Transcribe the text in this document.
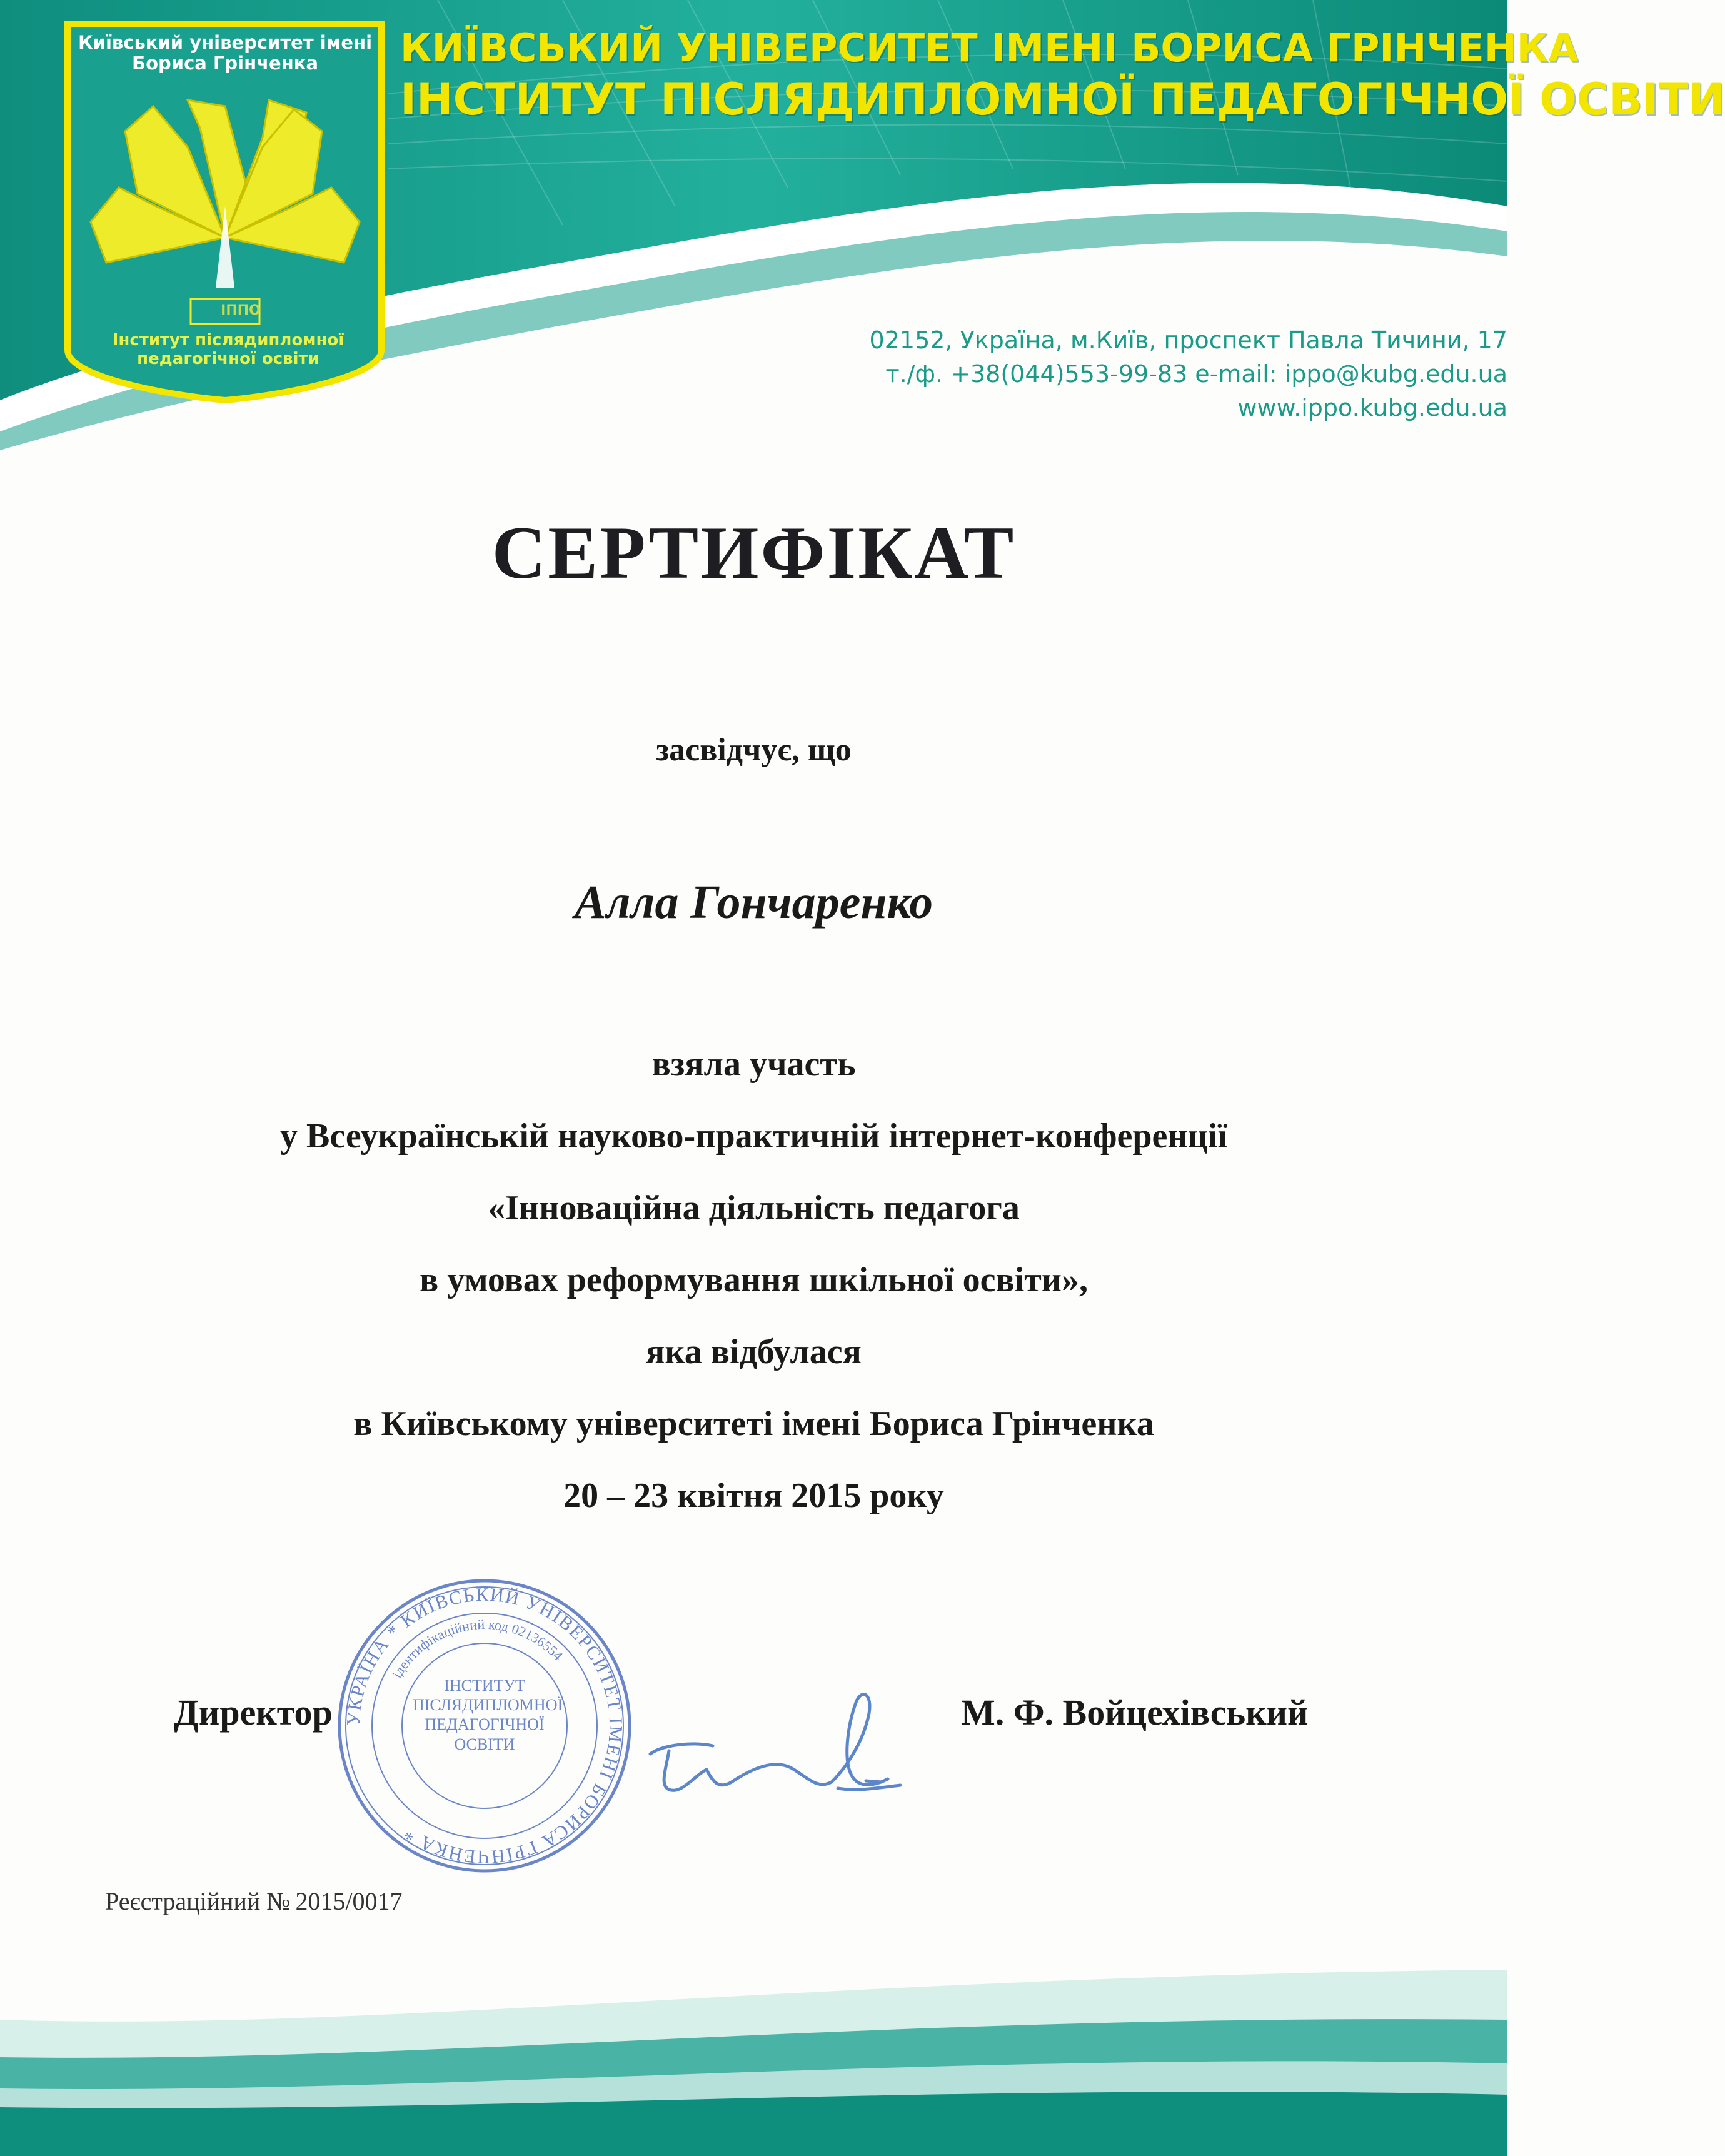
Київський університет імені Бориса Грінченка
ІППО
Інститут післядипломної педагогічної освіти
КИЇВСЬКИЙ УНІВЕРСИТЕТ ІМЕНІ БОРИСА ГРІНЧЕНКА
ІНСТИТУТ ПІСЛЯДИПЛОМНОЇ ПЕДАГОГІЧНОЇ ОСВІТИ
02152, Україна, м.Київ, проспект Павла Тичини, 17
т./ф. +38(044)553-99-83 e-mail: ippo@kubg.edu.ua
www.ippo.kubg.edu.ua
СЕРТИФІКАТ
засвідчує, що
Алла Гончаренко
взяла участь
у Всеукраїнській науково-практичній інтернет-конференції
«Інноваційна діяльність педагога
в умовах реформування шкільної освіти»,
яка відбулася
в Київському університеті імені Бориса Грінченка
20 – 23 квітня 2015 року
УКРАЇНА * КИЇВСЬКИЙ УНІВЕРСИТЕТ ІМЕНІ БОРИСА ГРІНЧЕНКА *
ідентифікаційний код 02136554
ІНСТИТУТ ПІСЛЯДИПЛОМНОЇ ПЕДАГОГІЧНОЇ ОСВІТИ
Директор	М. Ф. Войцехівський
Реєстраційний № 2015/0017
